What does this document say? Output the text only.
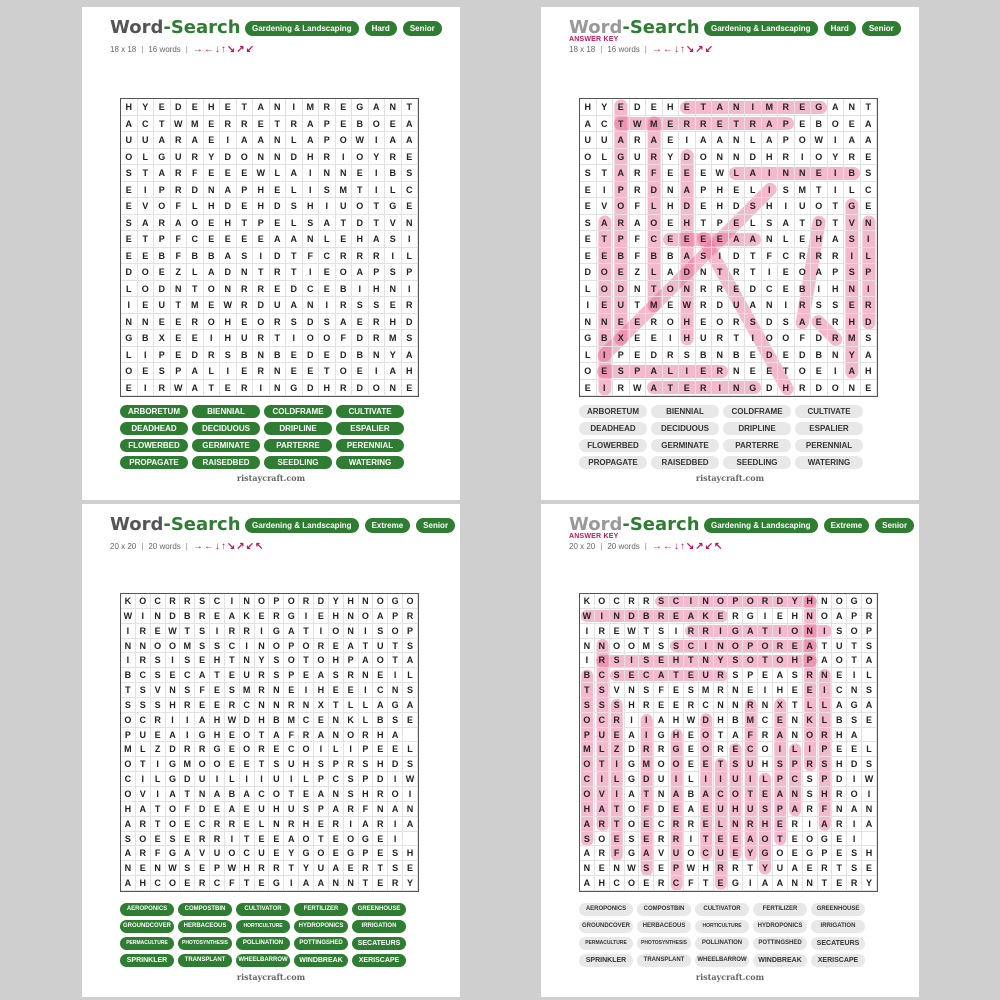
Word-Search	Gardening & Landscaping	Hard	Senior
18 x 18 | 16 words | →←↓↑↘↗↙
H	Y	E	D	E	H	E	T	A	N	I	M	R	E	G	A	N	T
A	C	T	W M	E	R	R	E	T	R	A	P	E	B	O	E	A
U	U	A	R	A	E	I	A	A	N	L	A	P	O W	I	A	A
O	L	G	U	R	Y	D	O	N	N	D	H	R	I	O	Y	R	E
S	T	A	R	F	E	E	E	W	L	A	I	N	N	E	I	B	S
E	I	P	R	D	N	A	P	H	E	L	I	S	M	T	I	L	C
E	V	O	F	L	H	D	E	H	D	S	H	I	U	O	T	G	E
S	A	R	A	O	E	H	T	P	E	L	S	A	T	D	T	V	N
E	T	P	F	C	E	E	E	E	A	A	N	L	E	H	A	S	I
E	E	B	F	B	B	A	S	I	D	T	F	C	R	R	R	I	L
D	O	E	Z	L	A	D	N	T	R	T	I	E	O	A	P	S	P
L	O	D	N	T	O	N	R	R	E	D	C	E	B	I	H	N	I
I	E	U	T	M	E	W	R	D	U	A	N	I	R	S	S	E	R
N	N	E	E	R	O	H	E	O	R	S	D	S	A	E	R	H	D
G	B	X	E	E	I	H	U	R	T	I	O	O	F	D	R	M	S
L	I	P	E	D	R	S	B	N	B	E	D	E	D	B	N	Y	A
O	E	S	P	A	L	I	E	R	N	E	E	T	O	E	I	A	H
E	I	R	W	A	T	E	R	I	N	G	D	H	R	D	O	N	E
ARBORETUM	BIENNIAL	COLDFRAME	CULTIVATE
DEADHEAD	DECIDUOUS	DRIPLINE	ESPALIER
FLOWERBED	GERMINATE	PARTERRE	PERENNIAL
PROPAGATE	RAISEDBED	SEEDLING	WATERING
ristaycraft.com
Word-Search	Gardening & Landscaping	Hard	Senior
ANSWER KEY
18 x 18 | 16 words | →←↓↑↘↗↙
H	Y	E	D	E	H	E	T	A	N	I	M	R	E	G	A	N	T
A	C	T	W M	E	R	R	E	T	R	A	P	E	B	O	E	A
U	U	A	R	A	E	I	A	A	N	L	A	P	O W	I	A	A
O	L	G	U	R	Y	D	O	N	N	D	H	R	I	O	Y	R	E
S	T	A	R	F	E	E	E	W	L	A	I	N	N	E	I	B	S
E	I	P	R	D	N	A	P	H	E	L	I	S	M	T	I	L	C
E	V	O	F	L	H	D	E	H	D	S	H	I	U	O	T	G	E
S	A	R	A	O	E	H	T	P	E	L	S	A	T	D	T	V	N
E	T	P	F	C	E	E	E	E	A	A	N	L	E	H	A	S	I
E	E	B	F	B	B	A	S	I	D	T	F	C	R	R	R	I	L
D	O	E	Z	L	A	D	N	T	R	T	I	E	O	A	P	S	P
L	O	D	N	T	O	N	R	R	E	D	C	E	B	I	H	N	I
I	E	U	T	M	E	W	R	D	U	A	N	I	R	S	S	E	R
N	N	E	E	R	O	H	E	O	R	S	D	S	A	E	R	H	D
G	B	X	E	E	I	H	U	R	T	I	O	O	F	D	R	M	S
L	I	P	E	D	R	S	B	N	B	E	D	E	D	B	N	Y	A
O	E	S	P	A	L	I	E	R	N	E	E	T	O	E	I	A	H
E	I	R	W	A	T	E	R	I	N	G	D	H	R	D	O	N	E
ARBORETUM	BIENNIAL	COLDFRAME	CULTIVATE
DEADHEAD	DECIDUOUS	DRIPLINE	ESPALIER
FLOWERBED	GERMINATE	PARTERRE	PERENNIAL
PROPAGATE	RAISEDBED	SEEDLING	WATERING
ristaycraft.com
Word-Search	Gardening & Landscaping	Extreme	Senior
20 x 20 | 20 words | →←↓↑↘↗↙↖
K O C R R S C	I	N O P O R D Y H N O G O
W	I	N D B R E A K E R G	I	E H N O A P R
I	R E W T	S	I	R R	I	G A T	I	O N	I	S O P
N N O O M S S C	I	N O P O R E A T U T	S
I	R S	I	S E H T N Y S O T O H P A O T A
B C S E C A T	E U R S P E A S R N E	I	L
T	S V N S	F	E S M R N E	I	H E E	I	C N S
S S S H R E E R C N N R N X	T	L	L A G A
O C R	I	I	A H W D H B M C E N K L B S E
P U E A	I	G H E O T A F R A N O R H A
M L	Z D R R G E O R E C O	I	L	I	P E E	L
O T	I	G M O O E E	T	S U H S P R S H D S
C	I	L G D U	I	L	I	I	U	I	L	P C S P D	I	W
O V	I	A T N A B A C O T	E A N S H R O	I
H A T O F D E A E U H U S P A R F N A N
A R T O E C R R E	L N R H E R	I	A R	I	A
S O E S E R R	I	T	E E A O T	E O G E	I
A R F G A V U O C U E Y G O E G P E S H
N E N W S E P W H R R T	Y U A E R T	S E
A H C O E R C F	T	E G	I	A A N N T	E R Y
AEROPONICS	COMPOSTBIN	CULTIVATOR	FERTILIZER	GREENHOUSE
GROUNDCOVER	HERBACEOUS	HORTICULTURE	HYDROPONICS	IRRIGATION
PERMACULTURE	PHOTOSYNTHESIS	POLLINATION	POTTINGSHED	SECATEURS
SPRINKLER	TRANSPLANT	WHEELBARROW	WINDBREAK	XERISCAPE
ristaycraft.com
Word-Search	Gardening & Landscaping	Extreme	Senior
ANSWER KEY
20 x 20 | 20 words | →←↓↑↘↗↙↖
K O C R R S C	I	N O P O R D Y H N O G O
W	I	N D B R E A K E R G	I	E H N O A P R
I	R E W T	S	I	R R	I	G A T	I	O N	I	S O P
N N O O M S S C	I	N O P O R E A T U T	S
I	R S	I	S E H T N Y S O T O H P A O T A
B C S E C A T	E U R S P E A S R N E	I	L
T	S V N S	F	E S M R N E	I	H E E	I	C N S
S S S H R E E R C N N R N X	T	L	L A G A
O C R	I	I	A H W D H B M C E N K L B S E
P U E A	I	G H E O T A F R A N O R H A
M L	Z D R R G E O R E C O	I	L	I	P E E	L
O T	I	G M O O E E	T	S U H S P R S H D S
C	I	L G D U	I	L	I	I	U	I	L	P C S P D	I	W
O V	I	A T N A B A C O T	E A N S H R O	I
H A T O F D E A E U H U S P A R F N A N
A R T O E C R R E	L N R H E R	I	A R	I	A
S O E S E R R	I	T	E E A O T	E O G E	I
A R F G A V U O C U E Y G O E G P E S H
N E N W S E P W H R R T	Y U A E R T	S E
A H C O E R C F	T	E G	I	A A N N T	E R Y
AEROPONICS	COMPOSTBIN	CULTIVATOR	FERTILIZER	GREENHOUSE
GROUNDCOVER	HERBACEOUS	HORTICULTURE	HYDROPONICS	IRRIGATION
PERMACULTURE	PHOTOSYNTHESIS	POLLINATION	POTTINGSHED	SECATEURS
SPRINKLER	TRANSPLANT	WHEELBARROW	WINDBREAK	XERISCAPE
ristaycraft.com
